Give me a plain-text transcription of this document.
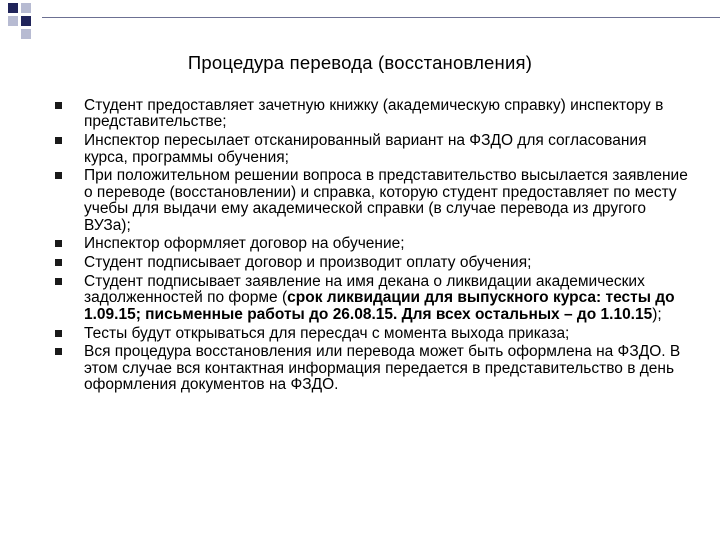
Процедура перевода (восстановления)
Студент предоставляет зачетную книжку (академическую справку) инспектору в представительстве;
Инспектор пересылает отсканированный вариант на ФЗДО для согласования курса, программы обучения;
При положительном решении вопроса в представительство высылается заявление о переводе (восстановлении) и справка, которую студент предоставляет по месту учебы для выдачи ему академической справки (в случае перевода из другого ВУЗа);
Инспектор оформляет договор на обучение;
Студент подписывает договор и производит оплату обучения;
Студент подписывает заявление на имя декана о ликвидации академических задолженностей по форме (срок ликвидации для выпускного курса: тесты до 1.09.15; письменные работы до 26.08.15. Для всех остальных – до 1.10.15);
Тесты будут открываться для пересдач с момента выхода приказа;
Вся процедура восстановления или перевода может быть оформлена на ФЗДО. В этом случае вся контактная информация передается в представительство в день оформления документов на ФЗДО.
